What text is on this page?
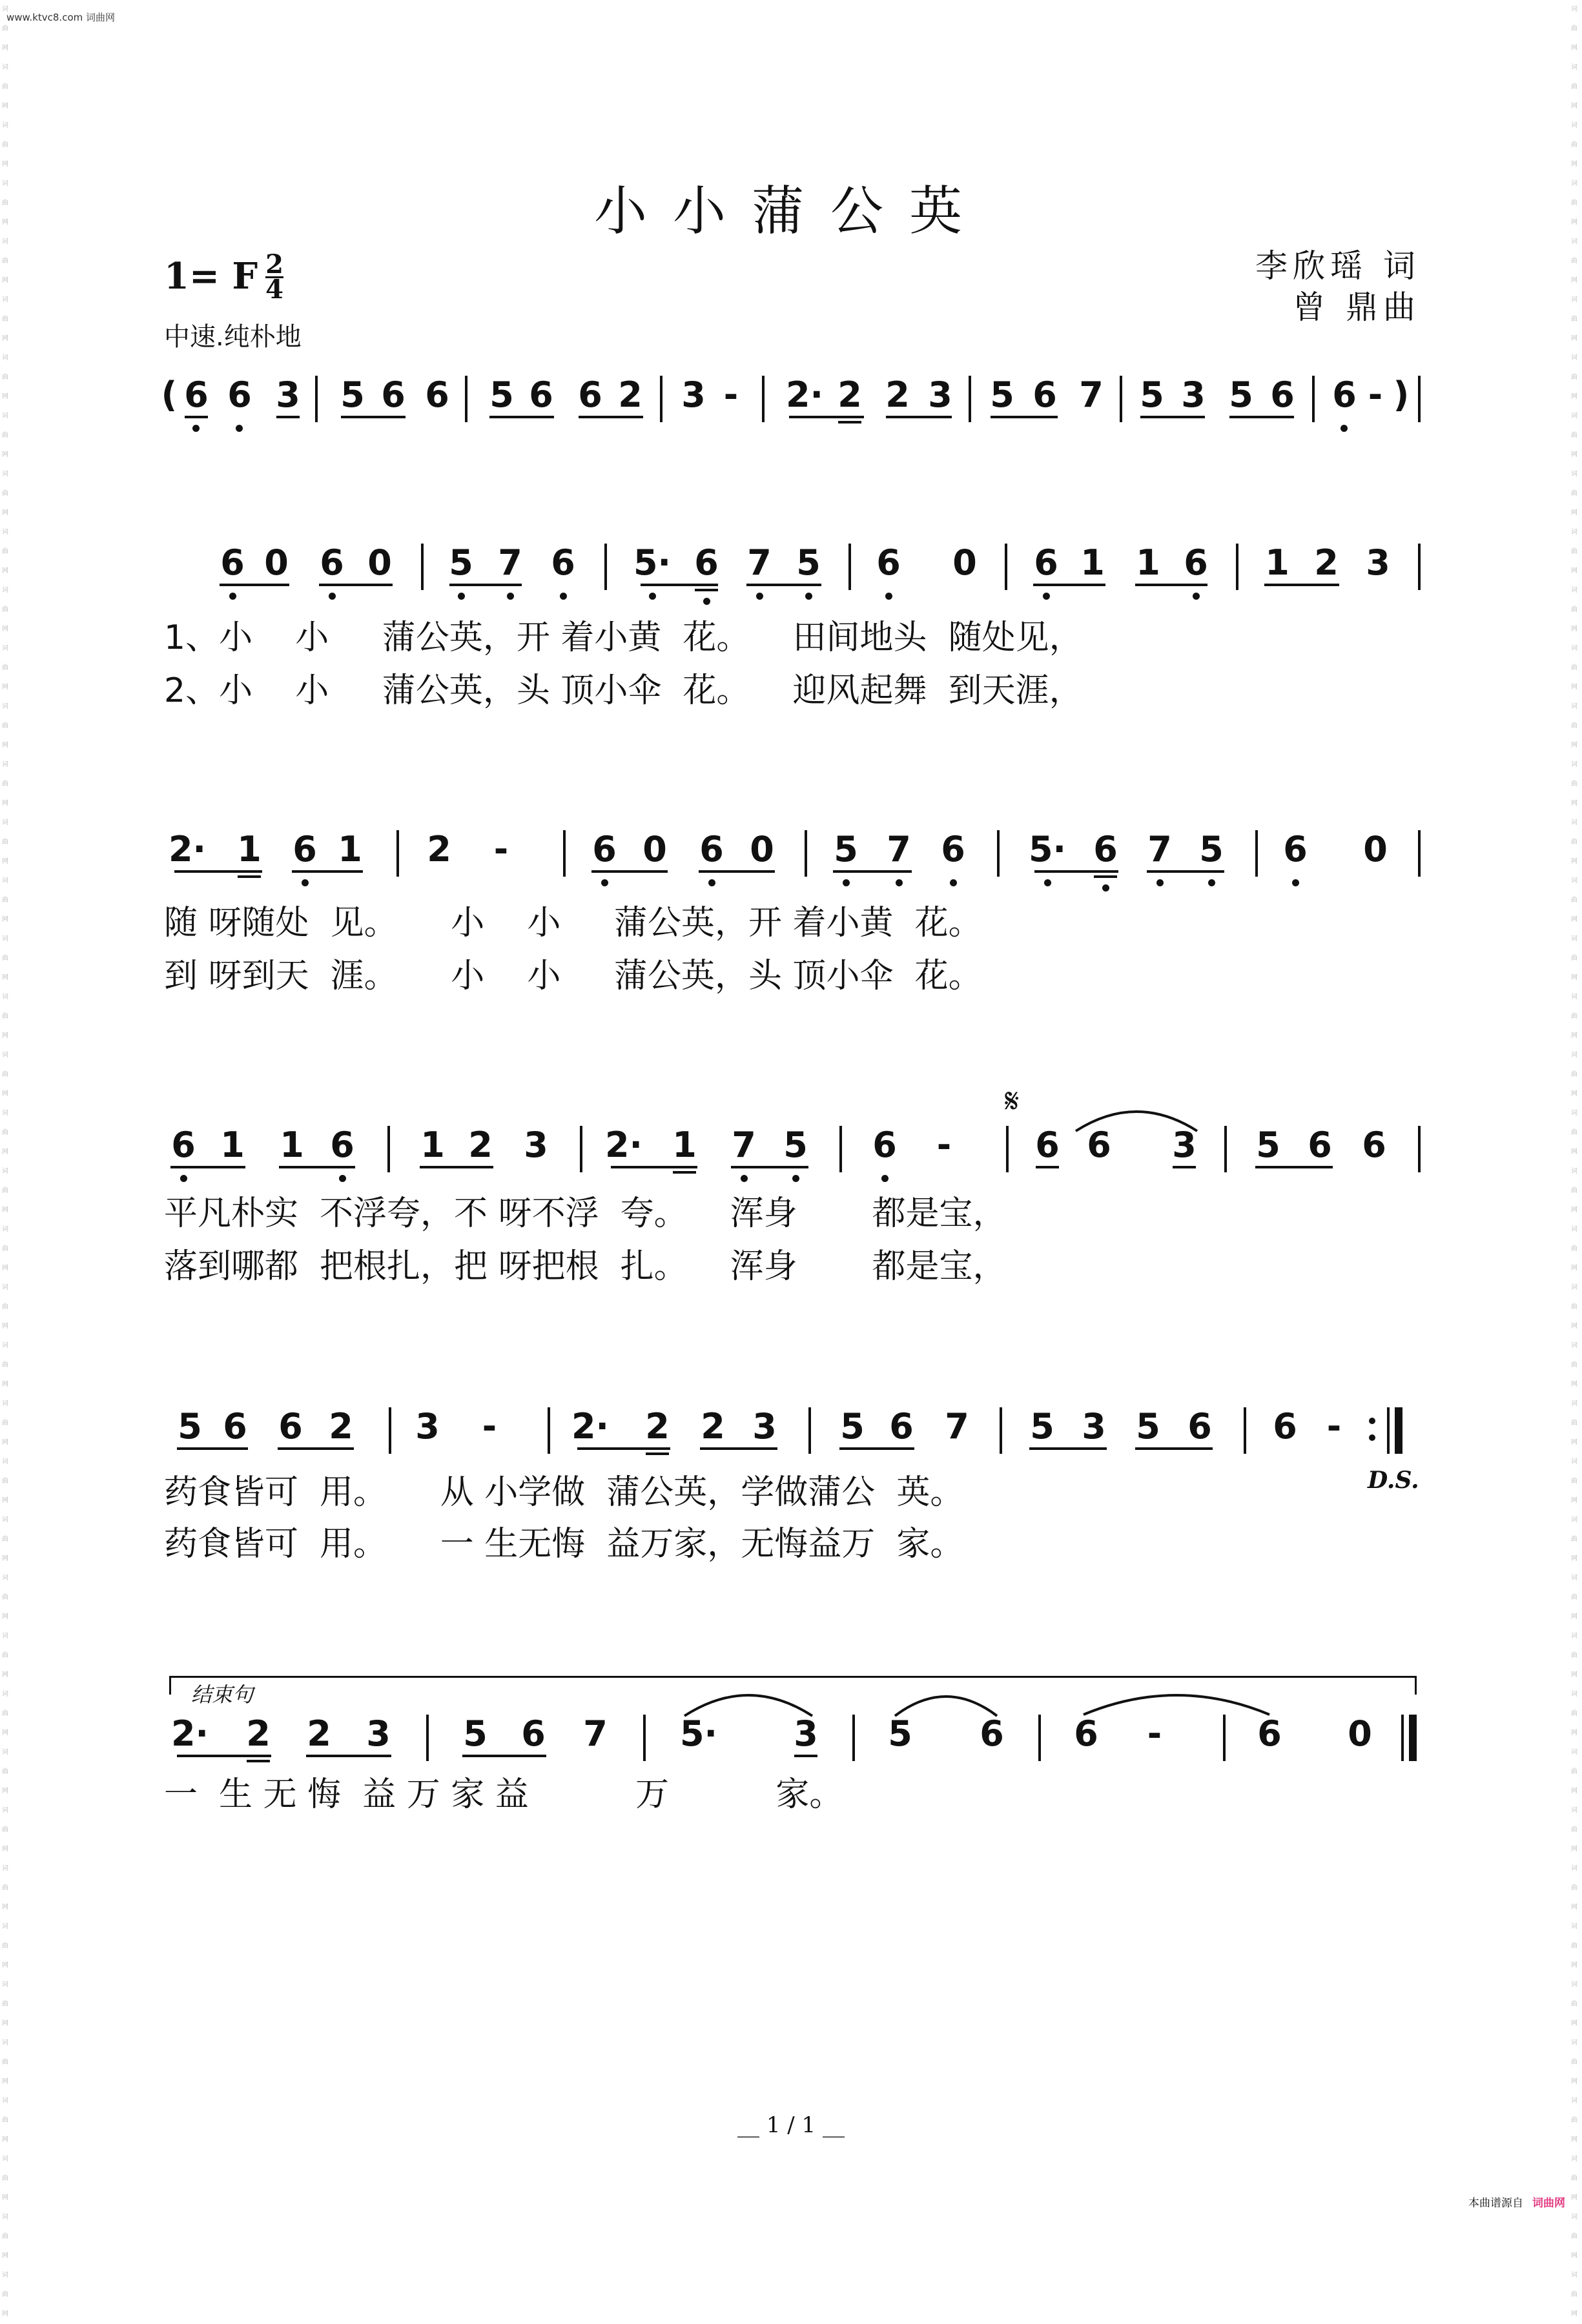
www.ktvc8.com 词曲网
词曲网词曲网词曲网词曲网词曲网词曲网词曲网词曲网词曲网词曲网词曲网词曲网词曲网词曲网词曲网词曲网词曲网词曲网词曲网词曲网词曲网词曲网词曲网词曲网词曲网词曲网词曲网词曲网词曲网词曲网词曲网词曲网词曲网词曲网词曲网词曲网词曲网词曲网词曲网词曲网
词曲网词曲网词曲网词曲网词曲网词曲网词曲网词曲网词曲网词曲网词曲网词曲网词曲网词曲网词曲网词曲网词曲网词曲网词曲网词曲网词曲网词曲网词曲网词曲网词曲网词曲网词曲网词曲网词曲网词曲网词曲网词曲网词曲网词曲网词曲网词曲网词曲网词曲网词曲网词曲网
小小蒲公英
1= F 2
4
中速.纯朴地
李欣瑶 词
曾 鼎曲
( 6 6 3 5 6 6 5 6 6 2 3 - 2· 2 2 3 5 6 7 5 3 5 6 6 - )
6 0 6 0 5 7 6 5· 6 7 5 6 0 6 1 1 6 1 2 3
1、小    小     蒲公英，开 着小黄  花。    田间地头  随处见，
2、小    小     蒲公英，头 顶小伞  花。    迎风起舞  到天涯，
2· 1 6 1 2 - 6 0 6 0 5 7 6 5· 6 7 5 6 0
随 呀随处  见。     小    小     蒲公英，开 着小黄  花。
到 呀到天  涯。     小    小     蒲公英，头 顶小伞  花。
𝄋
6 1 1 6 1 2 3 2· 1 7 5 6 - 6 6 3 5 6 6
平凡朴实  不浮夸，不 呀不浮  夸。    浑身       都是宝，
落到哪都  把根扎，把 呀把根  扎。    浑身       都是宝，
5 6 6 2 3 - 2· 2 2 3 5 6 7 5 3 5 6 6 -
药食皆可  用。     从 小学做  蒲公英，学做蒲公  英。	D.S.
药食皆可  用。     一 生无悔  益万家，无悔益万  家。
结束句
2· 2 2 3 5 6 7 5· 3 5 6 6 -	6 0
一  生 无 悔  益 万 家 益          万          家。
__ 1 / 1 __
本曲谱源自 词曲网
